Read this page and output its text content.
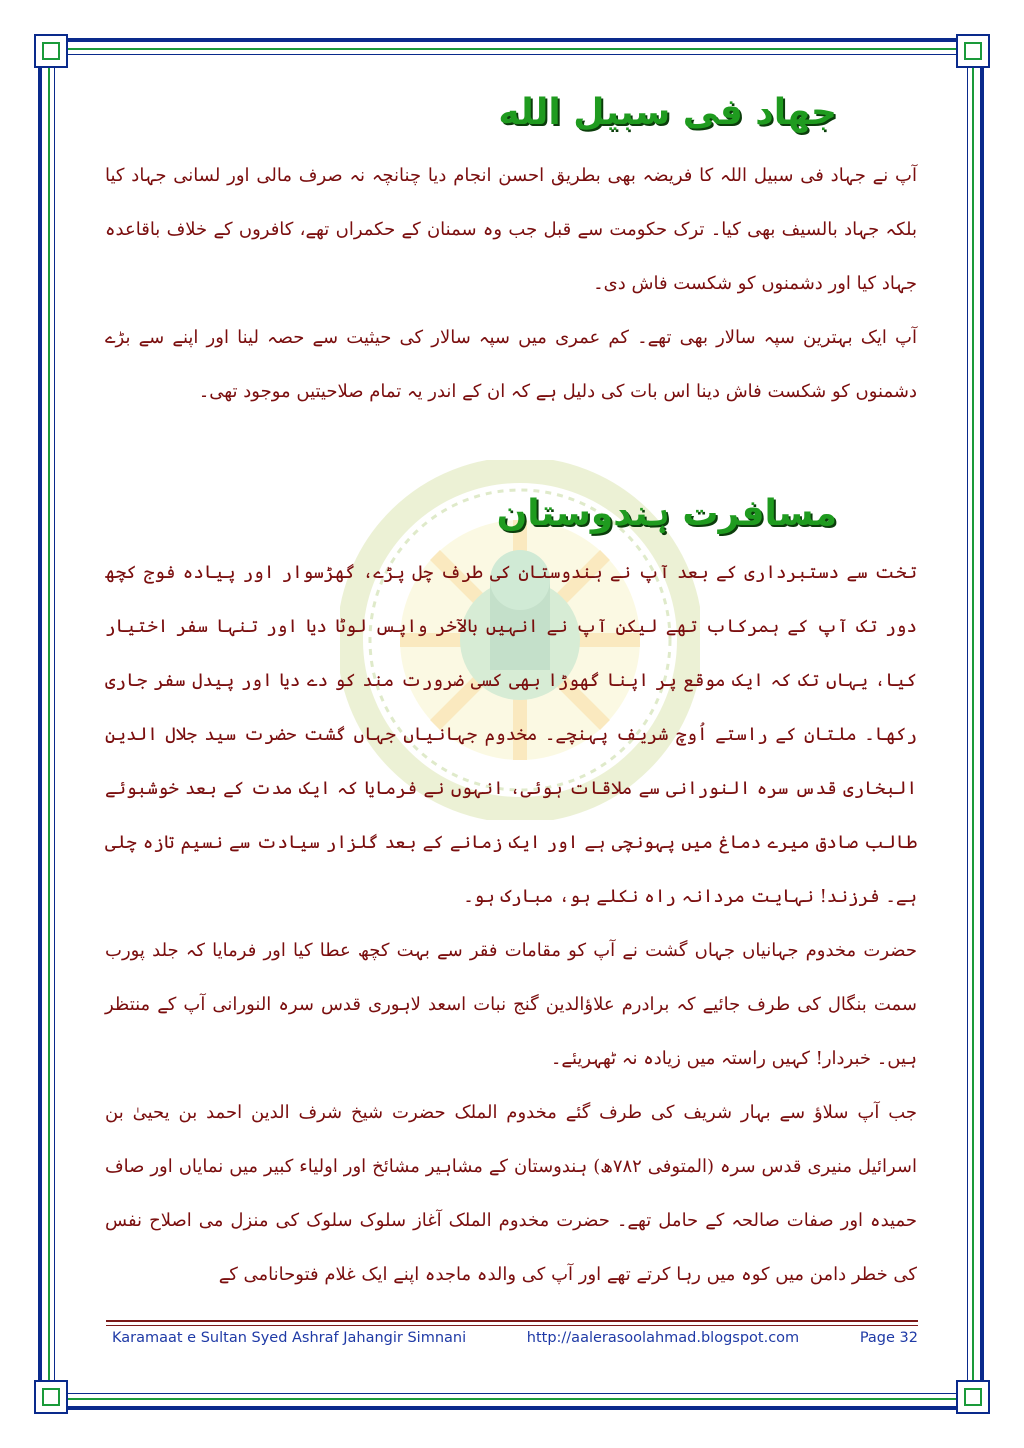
جهاد فی سبیل الله

آپ نے جہاد فی سبیل اللہ کا فریضہ بھی بطریق احسن انجام دیا چنانچہ نہ صرف مالی اور لسانی جہاد کیا بلکہ جہاد بالسیف بھی کیا۔ ترک حکومت سے قبل جب وہ سمنان کے حکمراں تھے، کافروں کے خلاف باقاعدہ جہاد کیا اور دشمنوں کو شکست فاش دی۔

آپ ایک بہترین سپہ سالار بھی تھے۔ کم عمری میں سپہ سالار کی حیثیت سے حصہ لینا اور اپنے سے بڑے دشمنوں کو شکست فاش دینا اس بات کی دلیل ہے کہ ان کے اندر یہ تمام صلاحیتیں موجود تھی۔

مسافرت ہندوستان

تخت سے دستبرداری کے بعد آپ نے ہندوستان کی طرف چل پڑے، گھڑسوار اور پیادہ فوج کچھ دور تک آپ کے ہمرکاب تھے لیکن آپ نے انہیں بالآخر واپس لوٹا دیا اور تنہا سفر اختیار کیا، یہاں تک کہ ایک موقع پر اپنا گھوڑا بھی کسی ضرورت مند کو دے دیا اور پیدل سفر جاری رکھا۔ ملتان کے راستے اُوچ شریف پہنچے۔ مخدوم جہانیاں جہاں گشت حضرت سید جلال الدین البخاری قدس سرہ النورانی سے ملاقات ہوئی، انہوں نے فرمایا کہ ایک مدت کے بعد خوشبوئے طالب صادق میرے دماغ میں پہونچی ہے اور ایک زمانے کے بعد گلزار سیادت سے نسیم تازہ چلی ہے۔ فرزند! نہایت مردانہ راہ نکلے ہو، مبارک ہو۔

حضرت مخدوم جہانیاں جہاں گشت نے آپ کو مقامات فقر سے بہت کچھ عطا کیا اور فرمایا کہ جلد پورب سمت بنگال کی طرف جائیے کہ برادرم علاؤالدین گنج نبات اسعد لاہوری قدس سرہ النورانی آپ کے منتظر ہیں۔ خبردار! کہیں راستہ میں زیادہ نہ ٹھہریئے۔

جب آپ سلاؤ سے بہار شریف کی طرف گئے مخدوم الملک حضرت شیخ شرف الدین احمد بن یحییٰ بن اسرائیل منیری قدس سرہ (المتوفی ۷۸۲ھ) ہندوستان کے مشاہیر مشائخ اور اولیاء کبیر میں نمایاں اور صاف حمیدہ اور صفات صالحہ کے حامل تھے۔ حضرت مخدوم الملک آغاز سلوک سلوک کی منزل می اصلاح نفس کی خطر دامن میں کوہ میں رہا کرتے تھے اور آپ کی والدہ ماجدہ اپنے ایک غلام فتوحانامی کے

Karamaat e Sultan Syed Ashraf Jahangir Simnani	http://aalerasoolahmad.blogspot.com	Page 32
